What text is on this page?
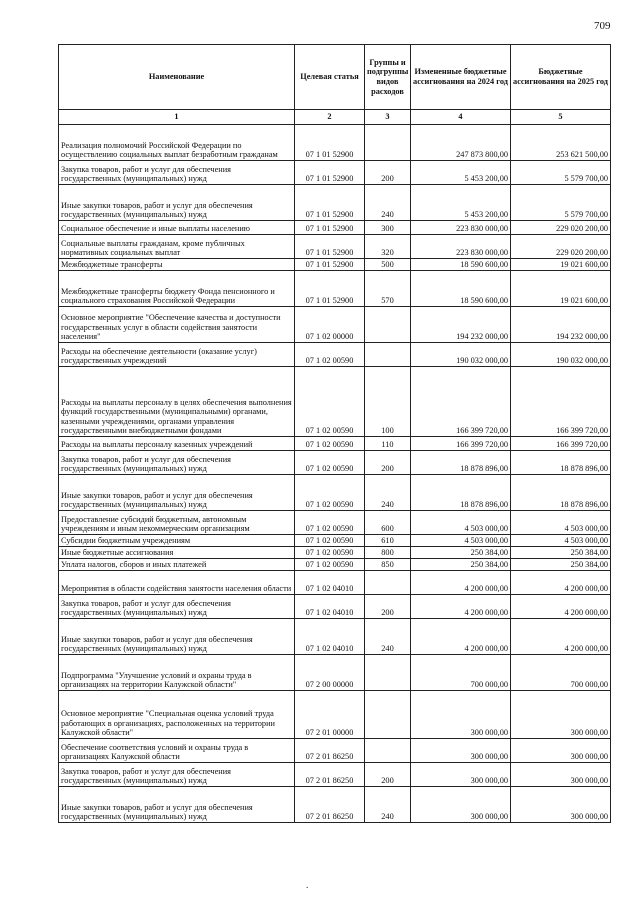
709
Наименование	Целевая статья	Группы и подгруппы видов расходов	Измененные бюджетные ассигнования на 2024 год	Бюджетные ассигнования на 2025 год
1	2	3	4	5
Реализация полномочий Российской Федерации по осуществлению социальных выплат безработным гражданам	07 1 01 52900		247 873 800,00	253 621 500,00
Закупка товаров, работ и услуг для обеспечения государственных (муниципальных) нужд	07 1 01 52900	200	5 453 200,00	5 579 700,00
Иные закупки товаров, работ и услуг для обеспечения государственных (муниципальных) нужд	07 1 01 52900	240	5 453 200,00	5 579 700,00
Социальное обеспечение и иные выплаты населению	07 1 01 52900	300	223 830 000,00	229 020 200,00
Социальные выплаты гражданам, кроме публичных нормативных социальных выплат	07 1 01 52900	320	223 830 000,00	229 020 200,00
Межбюджетные трансферты	07 1 01 52900	500	18 590 600,00	19 021 600,00
Межбюджетные трансферты бюджету Фонда пенсионного и социального страхования Российской Федерации	07 1 01 52900	570	18 590 600,00	19 021 600,00
Основное мероприятие "Обеспечение качества и доступности государственных услуг в области содействия занятости населения"	07 1 02 00000		194 232 000,00	194 232 000,00
Расходы на обеспечение деятельности (оказание услуг) государственных учреждений	07 1 02 00590		190 032 000,00	190 032 000,00
Расходы на выплаты персоналу в целях обеспечения выполнения функций государственными (муниципальными) органами, казенными учреждениями, органами управления государственными внебюджетными фондами	07 1 02 00590	100	166 399 720,00	166 399 720,00
Расходы на выплаты персоналу казенных учреждений	07 1 02 00590	110	166 399 720,00	166 399 720,00
Закупка товаров, работ и услуг для обеспечения государственных (муниципальных) нужд	07 1 02 00590	200	18 878 896,00	18 878 896,00
Иные закупки товаров, работ и услуг для обеспечения государственных (муниципальных) нужд	07 1 02 00590	240	18 878 896,00	18 878 896,00
Предоставление субсидий бюджетным, автономным учреждениям и иным некоммерческим организациям	07 1 02 00590	600	4 503 000,00	4 503 000,00
Субсидии бюджетным учреждениям	07 1 02 00590	610	4 503 000,00	4 503 000,00
Иные бюджетные ассигнования	07 1 02 00590	800	250 384,00	250 384,00
Уплата налогов, сборов и иных платежей	07 1 02 00590	850	250 384,00	250 384,00
Мероприятия в области содействия занятости населения области	07 1 02 04010		4 200 000,00	4 200 000,00
Закупка товаров, работ и услуг для обеспечения государственных (муниципальных) нужд	07 1 02 04010	200	4 200 000,00	4 200 000,00
Иные закупки товаров, работ и услуг для обеспечения государственных (муниципальных) нужд	07 1 02 04010	240	4 200 000,00	4 200 000,00
Подпрограмма "Улучшение условий и охраны труда в организациях на территории Калужской области"	07 2 00 00000		700 000,00	700 000,00
Основное мероприятие "Специальная оценка условий труда работающих в организациях, расположенных на территории Калужской области"	07 2 01 00000		300 000,00	300 000,00
Обеспечение соответствия условий и охраны труда в организациях Калужской области	07 2 01 86250		300 000,00	300 000,00
Закупка товаров, работ и услуг для обеспечения государственных (муниципальных) нужд	07 2 01 86250	200	300 000,00	300 000,00
Иные закупки товаров, работ и услуг для обеспечения государственных (муниципальных) нужд	07 2 01 86250	240	300 000,00	300 000,00
.
